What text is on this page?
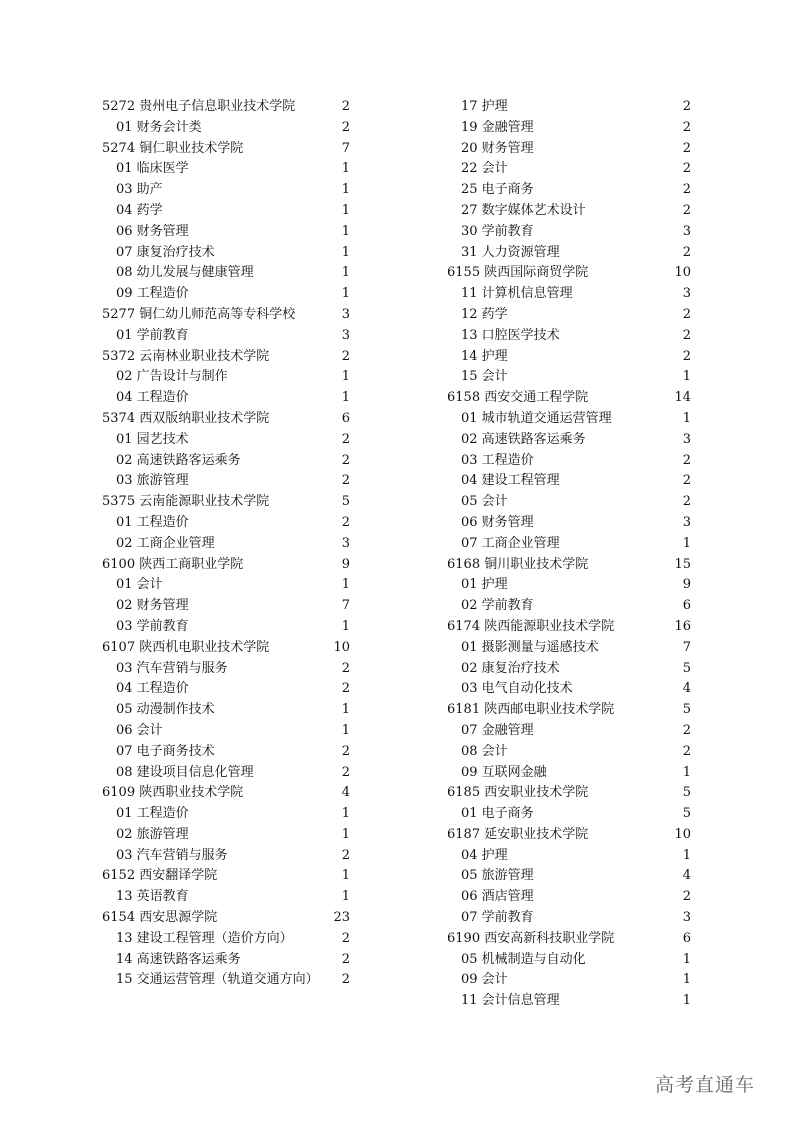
5272 贵州电子信息职业技术学院	2
01 财务会计类	2
5274 铜仁职业技术学院	7
01 临床医学	1
03 助产	1
04 药学	1
06 财务管理	1
07 康复治疗技术	1
08 幼儿发展与健康管理	1
09 工程造价	1
5277 铜仁幼儿师范高等专科学校	3
01 学前教育	3
5372 云南林业职业技术学院	2
02 广告设计与制作	1
04 工程造价	1
5374 西双版纳职业技术学院	6
01 园艺技术	2
02 高速铁路客运乘务	2
03 旅游管理	2
5375 云南能源职业技术学院	5
01 工程造价	2
02 工商企业管理	3
6100 陕西工商职业学院	9
01 会计	1
02 财务管理	7
03 学前教育	1
6107 陕西机电职业技术学院	10
03 汽车营销与服务	2
04 工程造价	2
05 动漫制作技术	1
06 会计	1
07 电子商务技术	2
08 建设项目信息化管理	2
6109 陕西职业技术学院	4
01 工程造价	1
02 旅游管理	1
03 汽车营销与服务	2
6152 西安翻译学院	1
13 英语教育	1
6154 西安思源学院	23
13 建设工程管理（造价方向）	2
14 高速铁路客运乘务	2
15 交通运营管理（轨道交通方向）	2
17 护理	2
19 金融管理	2
20 财务管理	2
22 会计	2
25 电子商务	2
27 数字媒体艺术设计	2
30 学前教育	3
31 人力资源管理	2
6155 陕西国际商贸学院	10
11 计算机信息管理	3
12 药学	2
13 口腔医学技术	2
14 护理	2
15 会计	1
6158 西安交通工程学院	14
01 城市轨道交通运营管理	1
02 高速铁路客运乘务	3
03 工程造价	2
04 建设工程管理	2
05 会计	2
06 财务管理	3
07 工商企业管理	1
6168 铜川职业技术学院	15
01 护理	9
02 学前教育	6
6174 陕西能源职业技术学院	16
01 摄影测量与遥感技术	7
02 康复治疗技术	5
03 电气自动化技术	4
6181 陕西邮电职业技术学院	5
07 金融管理	2
08 会计	2
09 互联网金融	1
6185 西安职业技术学院	5
01 电子商务	5
6187 延安职业技术学院	10
04 护理	1
05 旅游管理	4
06 酒店管理	2
07 学前教育	3
6190 西安高新科技职业学院	6
05 机械制造与自动化	1
09 会计	1
11 会计信息管理	1
高考直通车
